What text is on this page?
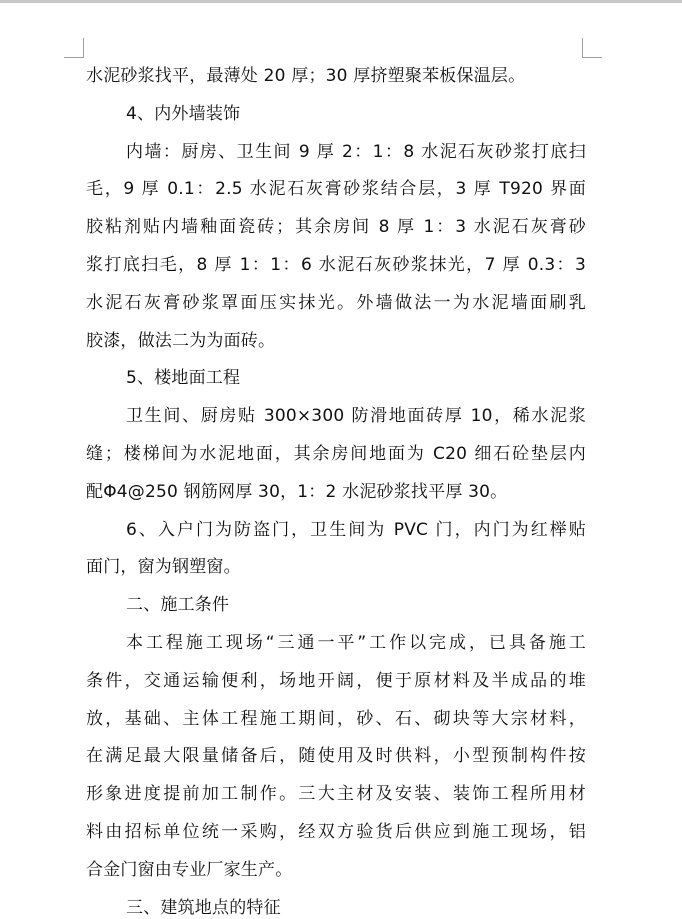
水泥砂浆找平，最薄处 20 厚；30 厚挤塑聚苯板保温层。
4、内外墙装饰
内墙：厨房、卫生间 9 厚 2：1：8 水泥石灰砂浆打底扫
毛，9 厚 0.1：2.5 水泥石灰膏砂浆结合层，3 厚 T920 界面
胶粘剂贴内墙釉面瓷砖；其余房间 8 厚 1：3 水泥石灰膏砂
浆打底扫毛，8 厚 1：1：6 水泥石灰砂浆抹光，7 厚 0.3：3
水泥石灰膏砂浆罩面压实抹光。外墙做法一为水泥墙面刷乳
胶漆，做法二为为面砖。
5、楼地面工程
卫生间、厨房贴 300×300 防滑地面砖厚 10，稀水泥浆
缝；楼梯间为水泥地面，其余房间地面为 C20 细石砼垫层内
配Φ4@250 钢筋网厚 30，1：2 水泥砂浆找平厚 30。
6、入户门为防盗门，卫生间为 PVC 门，内门为红榉贴
面门，窗为钢塑窗。
二、施工条件
本工程施工现场“三通一平”工作以完成，已具备施工
条件，交通运输便利，场地开阔，便于原材料及半成品的堆
放，基础、主体工程施工期间，砂、石、砌块等大宗材料，
在满足最大限量储备后，随使用及时供料，小型预制构件按
形象进度提前加工制作。三大主材及安装、装饰工程所用材
料由招标单位统一采购，经双方验货后供应到施工现场，铝
合金门窗由专业厂家生产。
三、建筑地点的特征
